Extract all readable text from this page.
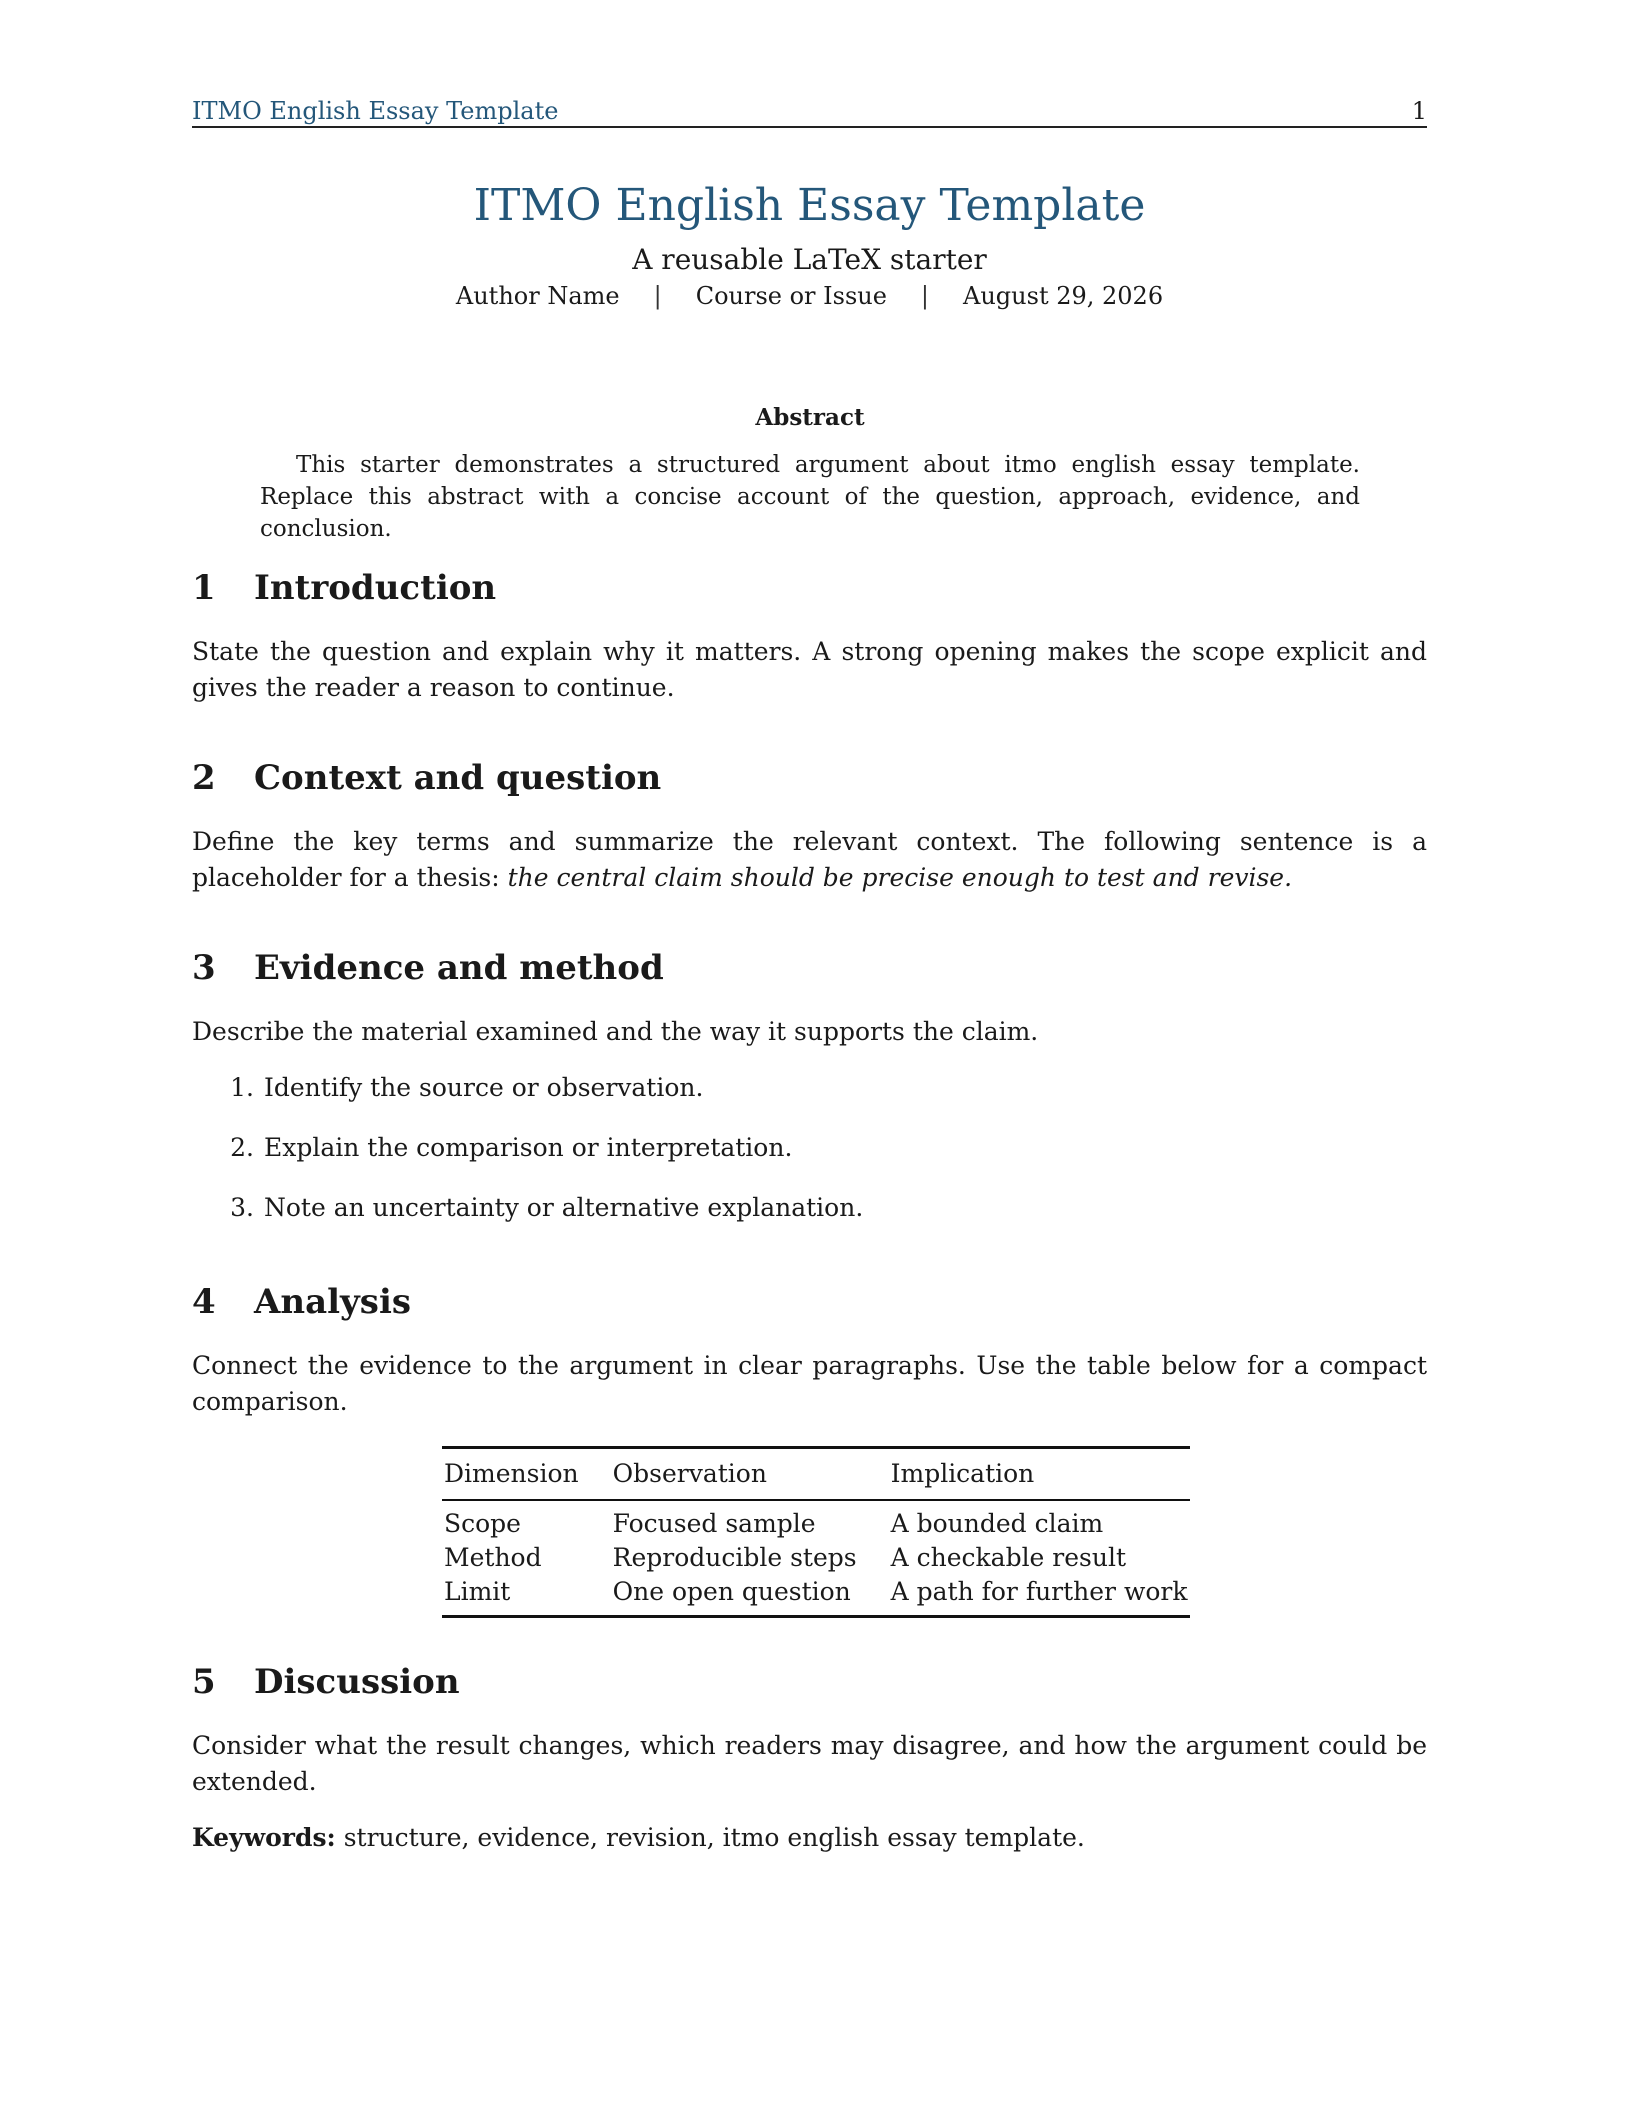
ITMO English Essay Template	1
ITMO English Essay Template
A reusable LaTeX starter
Author Name | Course or Issue | August 29, 2026
Abstract

This starter demonstrates a structured argument about itmo english essay template. Replace this abstract with a concise account of the question, approach, evidence, and conclusion.

1	Introduction

State the question and explain why it matters. A strong opening makes the scope explicit and gives the reader a reason to continue.

2	Context and question

Define the key terms and summarize the relevant context. The following sentence is a placeholder for a thesis: the central claim should be precise enough to test and revise.

3	Evidence and method

Describe the material examined and the way it supports the claim.

1. Identify the source or observation.
2. Explain the comparison or interpretation.
3. Note an uncertainty or alternative explanation.
4	Analysis

Connect the evidence to the argument in clear paragraphs. Use the table below for a compact comparison.

Dimension	Observation	Implication
Scope	Focused sample	A bounded claim
Method	Reproducible steps	A checkable result
Limit	One open question	A path for further work
5	Discussion

Consider what the result changes, which readers may disagree, and how the argument could be extended.

Keywords: structure, evidence, revision, itmo english essay template.
